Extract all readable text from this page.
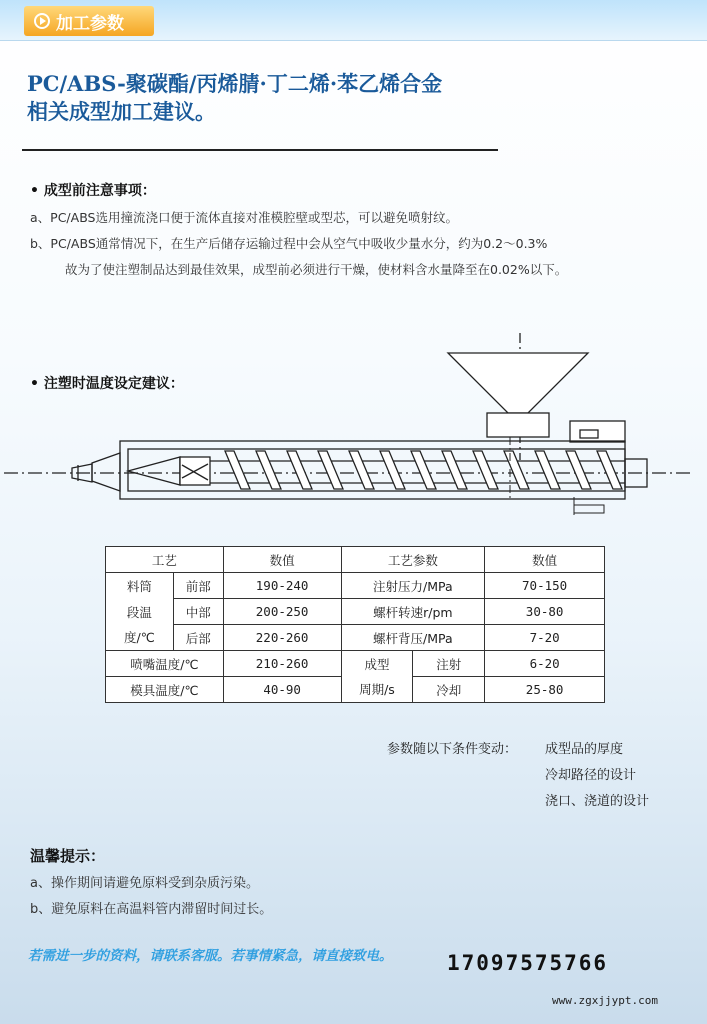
加工参数
PC/ABS-聚碳酯/丙烯腈·丁二烯·苯乙烯合金
相关成型加工建议。
• 成型前注意事项：
a、PC/ABS选用撞流浇口便于流体直接对准模腔壁或型芯，可以避免喷射纹。
b、PC/ABS通常情况下，在生产后储存运输过程中会从空气中吸收少量水分，约为0.2～0.3%
故为了使注塑制品达到最佳效果，成型前必须进行干燥，使材料含水量降至在0.02%以下。
• 注塑时温度设定建议：
工艺		数值	工艺参数		数值
料筒	前部	190-240	注射压力/MPa		70-150
段温	中部	200-250	螺杆转速r/pm		30-80
度/℃	后部	220-260	螺杆背压/MPa		7-20
喷嘴温度/℃		210-260	成型	注射	6-20
模具温度/℃		40-90	周期/s	冷却	25-80
参数随以下条件变动： 成型品的厚度
冷却路径的设计
浇口、浇道的设计
温馨提示：
a、操作期间请避免原料受到杂质污染。
b、避免原料在高温料管内滞留时间过长。
若需进一步的资料，请联系客服。若事情紧急，请直接致电。	17097575766
www.zgxjjypt.com
